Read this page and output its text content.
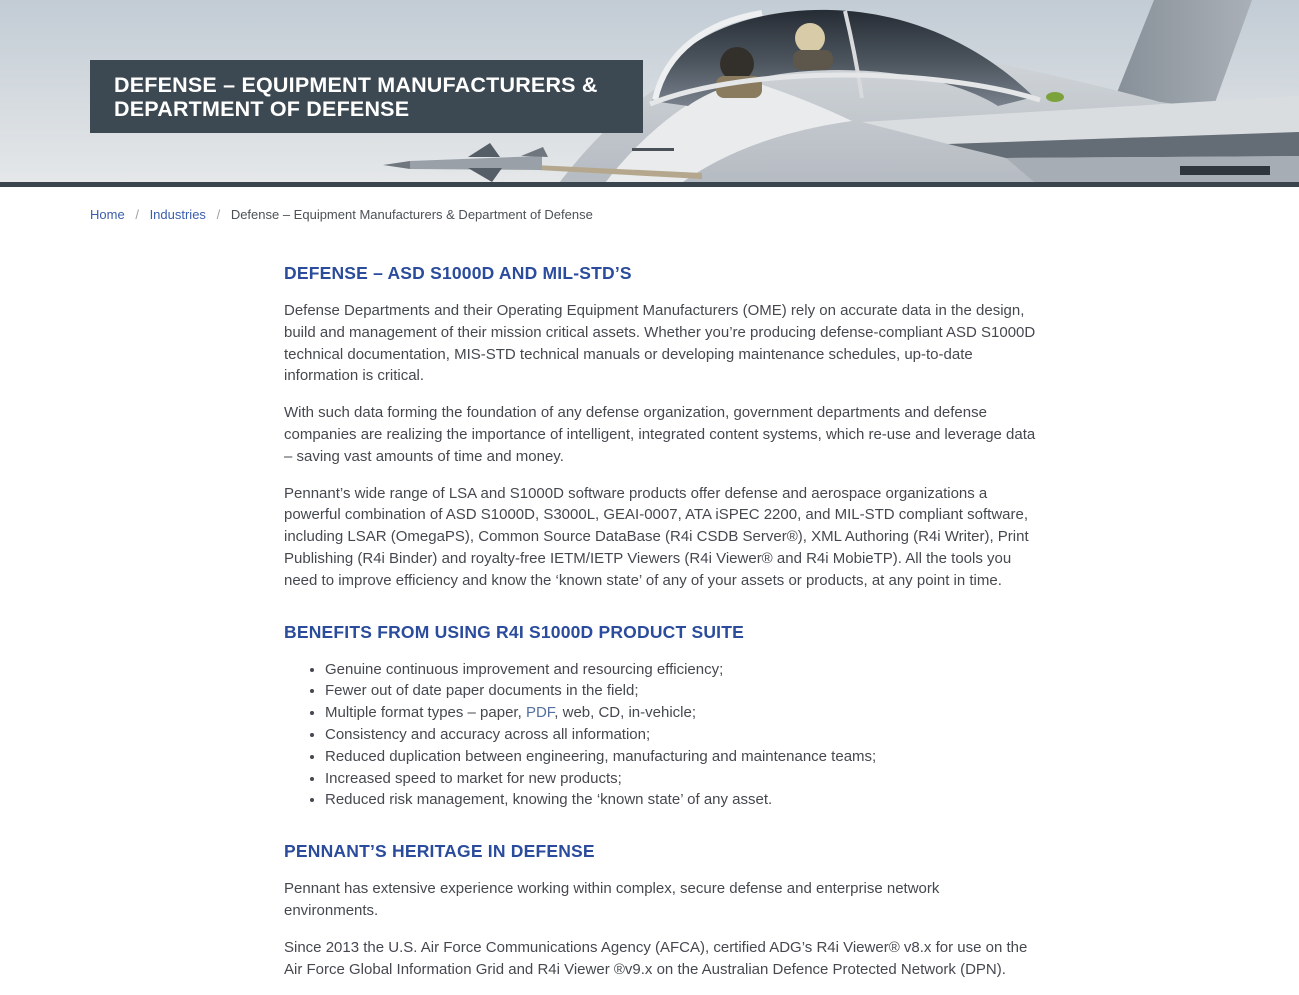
DEFENSE – EQUIPMENT MANUFACTURERS & DEPARTMENT OF DEFENSE
Home / Industries / Defense – Equipment Manufacturers & Department of Defense
DEFENSE – ASD S1000D AND MIL-STD’S

Defense Departments and their Operating Equipment Manufacturers (OME) rely on accurate data in the design, build and management of their mission critical assets. Whether you’re producing defense-compliant ASD S1000D technical documentation, MIS-STD technical manuals or developing maintenance schedules, up-to-date information is critical.

With such data forming the foundation of any defense organization, government departments and defense companies are realizing the importance of intelligent, integrated content systems, which re-use and leverage data – saving vast amounts of time and money.

Pennant’s wide range of LSA and S1000D software products offer defense and aerospace organizations a powerful combination of ASD S1000D, S3000L, GEAI-0007, ATA iSPEC 2200, and MIL-STD compliant software, including LSAR (OmegaPS), Common Source DataBase (R4i CSDB Server®), XML Authoring (R4i Writer), Print Publishing (R4i Binder) and royalty-free IETM/IETP Viewers (R4i Viewer® and R4i MobieTP). All the tools you need to improve efficiency and know the ‘known state’ of any of your assets or products, at any point in time.

BENEFITS FROM USING R4I S1000D PRODUCT SUITE
• Genuine continuous improvement and resourcing efficiency;
• Fewer out of date paper documents in the field;
• Multiple format types – paper, PDF, web, CD, in-vehicle;
• Consistency and accuracy across all information;
• Reduced duplication between engineering, manufacturing and maintenance teams;
• Increased speed to market for new products;
• Reduced risk management, knowing the ‘known state’ of any asset.
PENNANT’S HERITAGE IN DEFENSE

Pennant has extensive experience working within complex, secure defense and enterprise network environments.

Since 2013 the U.S. Air Force Communications Agency (AFCA), certified ADG’s R4i Viewer® v8.x for use on the Air Force Global Information Grid and R4i Viewer ®v9.x on the Australian Defence Protected Network (DPN).
